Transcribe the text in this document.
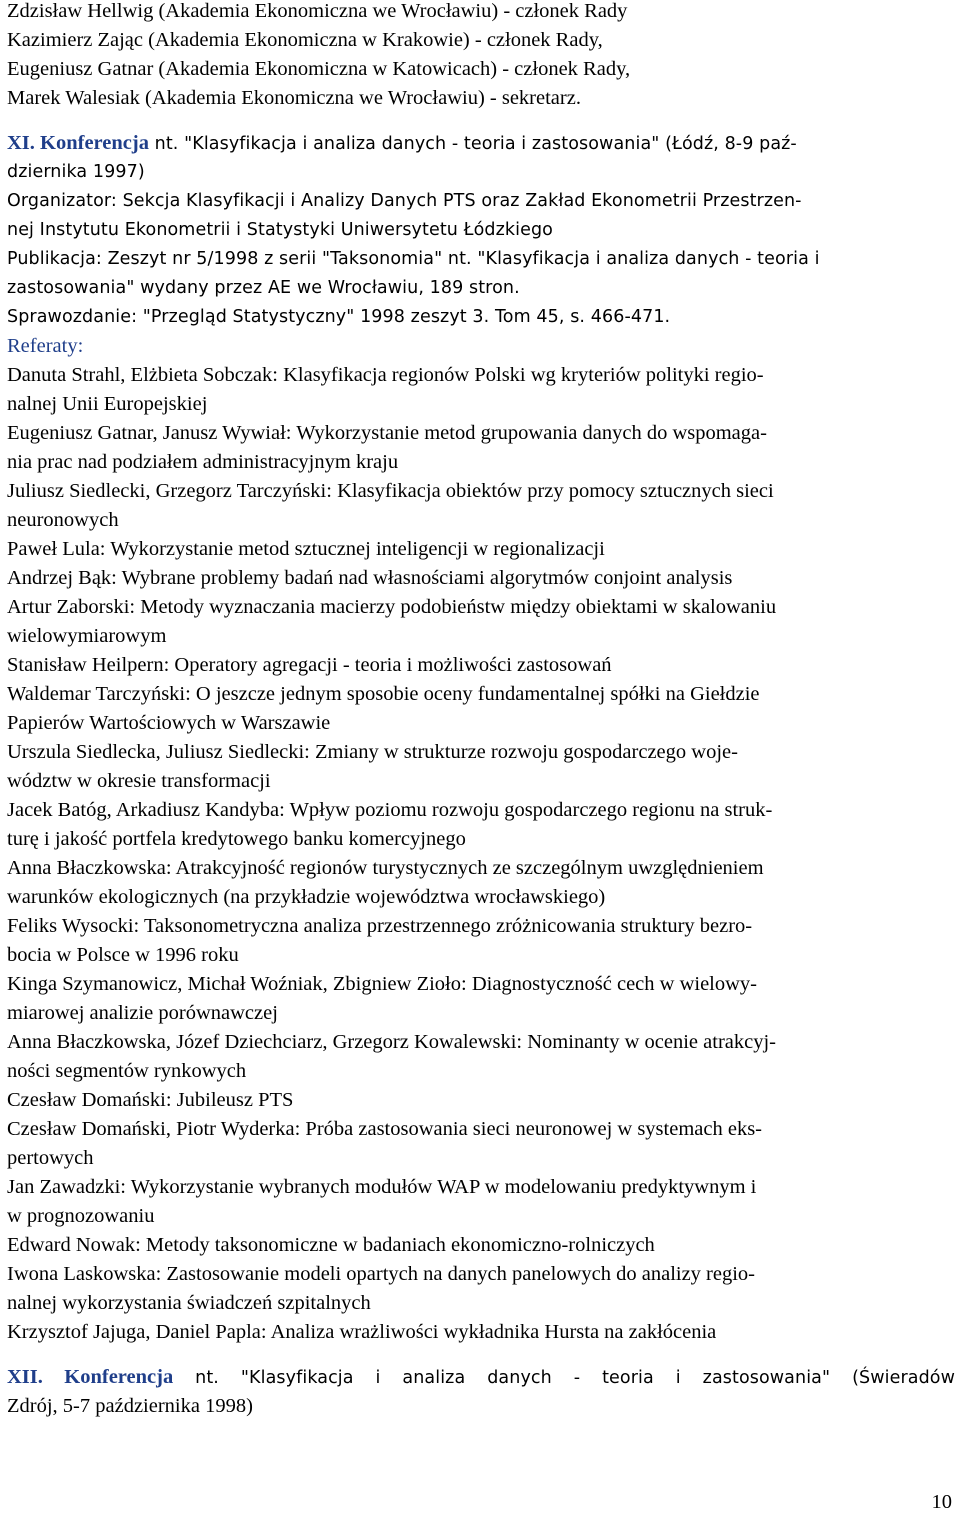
Zdzisław Hellwig (Akademia Ekonomiczna we Wrocławiu) - członek Rady
Kazimierz Zając (Akademia Ekonomiczna w Krakowie) - członek Rady,
Eugeniusz Gatnar (Akademia Ekonomiczna w Katowicach) - członek Rady,
Marek Walesiak (Akademia Ekonomiczna we Wrocławiu) - sekretarz.
XI. Konferencja nt. "Klasyfikacja i analiza danych - teoria i zastosowania" (Łódź, 8-9 paź-
dziernika 1997)
Organizator: Sekcja Klasyfikacji i Analizy Danych PTS oraz Zakład Ekonometrii Przestrzen-
nej Instytutu Ekonometrii i Statystyki Uniwersytetu Łódzkiego
Publikacja: Zeszyt nr 5/1998 z serii "Taksonomia" nt. "Klasyfikacja i analiza danych - teoria i
zastosowania" wydany przez AE we Wrocławiu, 189 stron.
Sprawozdanie: "Przegląd Statystyczny" 1998 zeszyt 3. Tom 45, s. 466-471.
Referaty:
Danuta Strahl, Elżbieta Sobczak: Klasyfikacja regionów Polski wg kryteriów polityki regio-
nalnej Unii Europejskiej
Eugeniusz Gatnar, Janusz Wywiał: Wykorzystanie metod grupowania danych do wspomaga-
nia prac nad podziałem administracyjnym kraju
Juliusz Siedlecki, Grzegorz Tarczyński: Klasyfikacja obiektów przy pomocy sztucznych sieci
neuronowych
Paweł Lula: Wykorzystanie metod sztucznej inteligencji w regionalizacji
Andrzej Bąk: Wybrane problemy badań nad własnościami algorytmów conjoint analysis
Artur Zaborski: Metody wyznaczania macierzy podobieństw między obiektami w skalowaniu
wielowymiarowym
Stanisław Heilpern: Operatory agregacji - teoria i możliwości zastosowań
Waldemar Tarczyński: O jeszcze jednym sposobie oceny fundamentalnej spółki na Giełdzie
Papierów Wartościowych w Warszawie
Urszula Siedlecka, Juliusz Siedlecki: Zmiany w strukturze rozwoju gospodarczego woje-
wództw w okresie transformacji
Jacek Batóg, Arkadiusz Kandyba: Wpływ poziomu rozwoju gospodarczego regionu na struk-
turę i jakość portfela kredytowego banku komercyjnego
Anna Błaczkowska: Atrakcyjność regionów turystycznych ze szczególnym uwzględnieniem
warunków ekologicznych (na przykładzie województwa wrocławskiego)
Feliks Wysocki: Taksonometryczna analiza przestrzennego zróżnicowania struktury bezro-
bocia w Polsce w 1996 roku
Kinga Szymanowicz, Michał Woźniak, Zbigniew Zioło: Diagnostyczność cech w wielowy-
miarowej analizie porównawczej
Anna Błaczkowska, Józef Dziechciarz, Grzegorz Kowalewski: Nominanty w ocenie atrakcyj-
ności segmentów rynkowych
Czesław Domański: Jubileusz PTS
Czesław Domański, Piotr Wyderka: Próba zastosowania sieci neuronowej w systemach eks-
pertowych
Jan Zawadzki: Wykorzystanie wybranych modułów WAP w modelowaniu predyktywnym i
w prognozowaniu
Edward Nowak: Metody taksonomiczne w badaniach ekonomiczno-rolniczych
Iwona Laskowska: Zastosowanie modeli opartych na danych panelowych do analizy regio-
nalnej wykorzystania świadczeń szpitalnych
Krzysztof Jajuga, Daniel Papla: Analiza wrażliwości wykładnika Hursta na zakłócenia
XII. Konferencja nt. "Klasyfikacja i analiza danych - teoria i zastosowania" (Świeradów
Zdrój, 5-7 października 1998)
10
